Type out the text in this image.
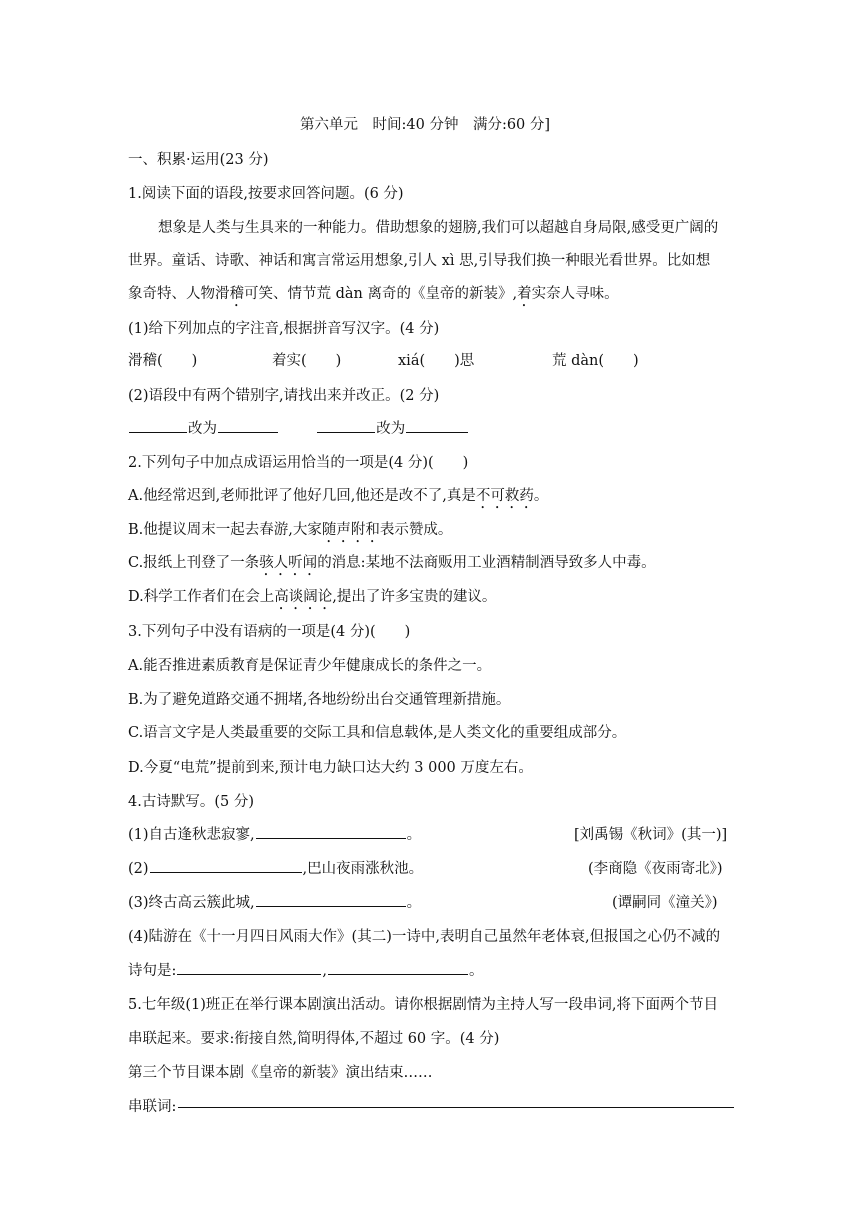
第六单元　时间:40 分钟　满分:60 分]
一、积累·运用(23 分)
1.阅读下面的语段,按要求回答问题。(6 分)
想象是人类与生具来的一种能力。借助想象的翅膀,我们可以超越自身局限,感受更广阔的
世界。童话、诗歌、神话和寓言常运用想象,引人 xì 思,引导我们换一种眼光看世界。比如想
象奇特、人物滑稽可笑、情节荒 dàn 离奇的《皇帝的新装》,着实奈人寻味。
(1)给下列加点的字注音,根据拼音写汉字。(4 分)
滑稽(　　)	着实(　　)	xiá(　　)思	荒 dàn(　　)
(2)语段中有两个错别字,请找出来并改正。(2 分)
改为	改为
2.下列句子中加点成语运用恰当的一项是(4 分)(　　)
A.他经常迟到,老师批评了他好几回,他还是改不了,真是不可救药。
B.他提议周末一起去春游,大家随声附和表示赞成。
C.报纸上刊登了一条骇人听闻的消息:某地不法商贩用工业酒精制酒导致多人中毒。
D.科学工作者们在会上高谈阔论,提出了许多宝贵的建议。
3.下列句子中没有语病的一项是(4 分)(　　)
A.能否推进素质教育是保证青少年健康成长的条件之一。
B.为了避免道路交通不拥堵,各地纷纷出台交通管理新措施。
C.语言文字是人类最重要的交际工具和信息载体,是人类文化的重要组成部分。
D.今夏“电荒”提前到来,预计电力缺口达大约 3 000 万度左右。
4.古诗默写。(5 分)
(1)自古逢秋悲寂寥,	。	[刘禹锡《秋词》(其一)]
(2)	,巴山夜雨涨秋池。	(李商隐《夜雨寄北》)
(3)终古高云簇此城,	。	(谭嗣同《潼关》)
(4)陆游在《十一月四日风雨大作》(其二)一诗中,表明自己虽然年老体衰,但报国之心仍不减的
诗句是:	,	。
5.七年级(1)班正在举行课本剧演出活动。请你根据剧情为主持人写一段串词,将下面两个节目
串联起来。要求:衔接自然,简明得体,不超过 60 字。(4 分)
第三个节目课本剧《皇帝的新装》演出结束……
串联词:
